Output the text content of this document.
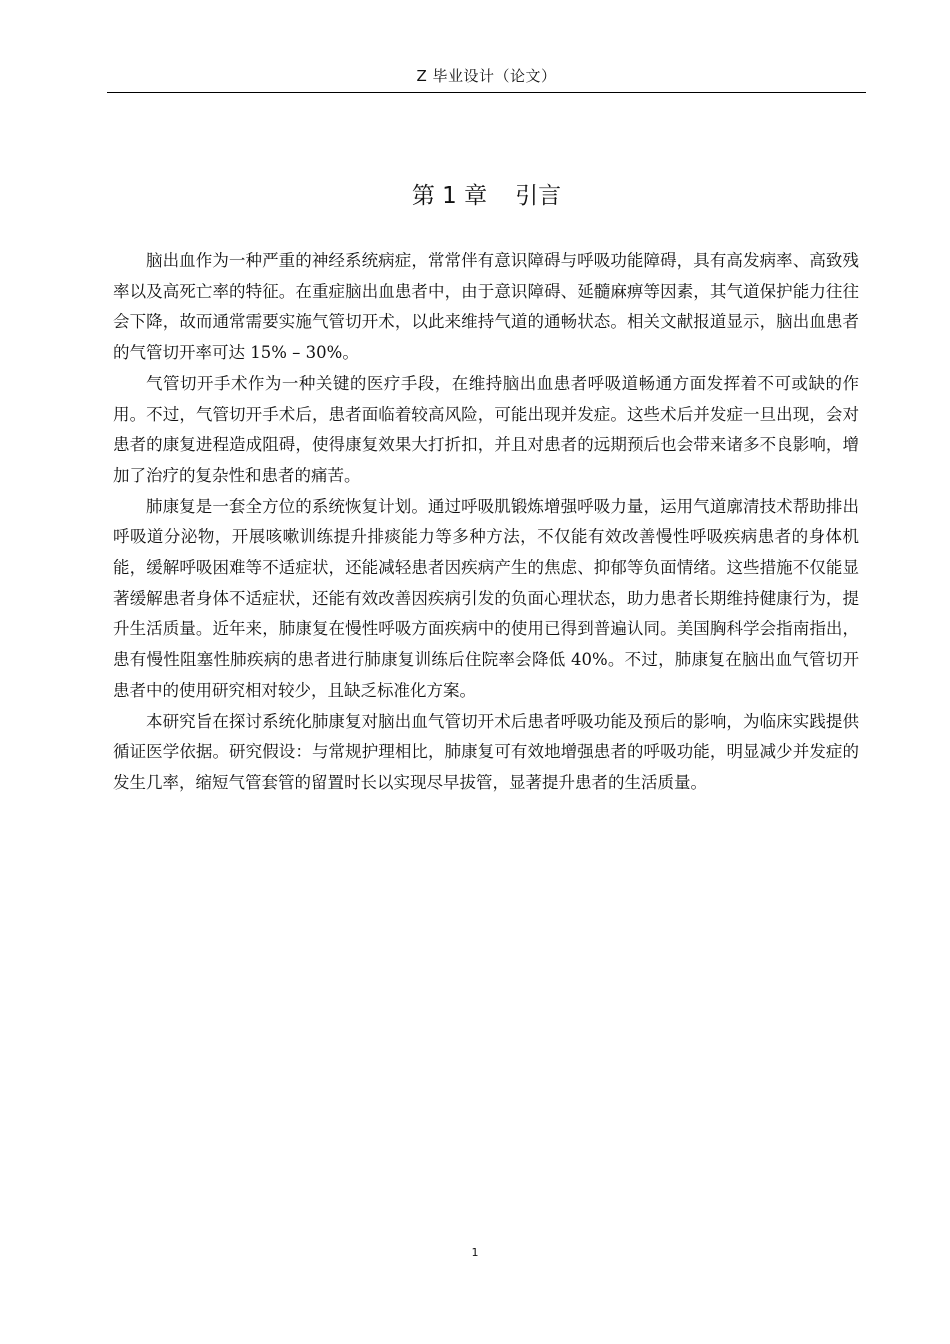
Z 毕业设计（论文）
第 1 章 引言

脑出血作为一种严重的神经系统病症，常常伴有意识障碍与呼吸功能障碍，具有高发病率、高致残率以及高死亡率的特征。在重症脑出血患者中，由于意识障碍、延髓麻痹等因素，其气道保护能力往往会下降，故而通常需要实施气管切开术，以此来维持气道的通畅状态。相关文献报道显示，脑出血患者的气管切开率可达 15% – 30%。

气管切开手术作为一种关键的医疗手段，在维持脑出血患者呼吸道畅通方面发挥着不可或缺的作用。不过，气管切开手术后，患者面临着较高风险，可能出现并发症。这些术后并发症一旦出现，会对患者的康复进程造成阻碍，使得康复效果大打折扣，并且对患者的远期预后也会带来诸多不良影响，增加了治疗的复杂性和患者的痛苦。

肺康复是一套全方位的系统恢复计划。通过呼吸肌锻炼增强呼吸力量，运用气道廓清技术帮助排出呼吸道分泌物，开展咳嗽训练提升排痰能力等多种方法，不仅能有效改善慢性呼吸疾病患者的身体机能，缓解呼吸困难等不适症状，还能减轻患者因疾病产生的焦虑、抑郁等负面情绪。这些措施不仅能显著缓解患者身体不适症状，还能有效改善因疾病引发的负面心理状态，助力患者长期维持健康行为，提升生活质量。近年来，肺康复在慢性呼吸方面疾病中的使用已得到普遍认同。美国胸科学会指南指出，患有慢性阻塞性肺疾病的患者进行肺康复训练后住院率会降低 40%。不过，肺康复在脑出血气管切开患者中的使用研究相对较少，且缺乏标准化方案。

本研究旨在探讨系统化肺康复对脑出血气管切开术后患者呼吸功能及预后的影响，为临床实践提供循证医学依据。研究假设：与常规护理相比，肺康复可有效地增强患者的呼吸功能，明显减少并发症的发生几率，缩短气管套管的留置时长以实现尽早拔管，显著提升患者的生活质量。

1
